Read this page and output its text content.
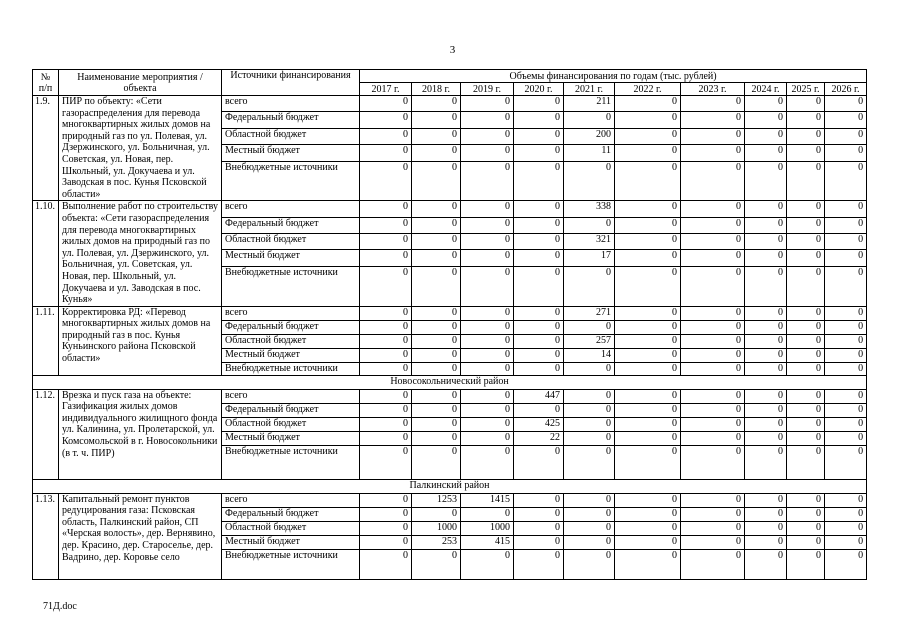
3
№ п/п	Наименование мероприятия /объекта	Источники финансирования	Объемы финансирования по годам (тыс. рублей)									
			2017 г.	2018 г.	2019 г.	2020 г.	2021 г.	2022 г.	2023 г.	2024 г.	2025 г.	2026 г.
1.9.	ПИР по объекту: «Сети газораспределения для перевода многоквартирных жилых домов на природный газ по ул. Полевая, ул. Дзержинского, ул. Больничная, ул. Советская, ул. Новая, пер. Школьный, ул. Докучаева и ул. Заводская в пос. Кунья Псковской области»	всего	0	0	0	0	211	0	0	0	0	0
		Федеральный бюджет	0	0	0	0	0	0	0	0	0	0
		Областной бюджет	0	0	0	0	200	0	0	0	0	0
		Местный бюджет	0	0	0	0	11	0	0	0	0	0
		Внебюджетные источники	0	0	0	0	0	0	0	0	0	0
1.10.	Выполнение работ по строительству объекта: «Сети газораспределения для перевода многоквартирных жилых домов на природный газ по ул. Полевая, ул. Дзержинского, ул. Больничная, ул. Советская, ул. Новая, пер. Школьный, ул. Докучаева и ул. Заводская в пос. Кунья»	всего	0	0	0	0	338	0	0	0	0	0
		Федеральный бюджет	0	0	0	0	0	0	0	0	0	0
		Областной бюджет	0	0	0	0	321	0	0	0	0	0
		Местный бюджет	0	0	0	0	17	0	0	0	0	0
		Внебюджетные источники	0	0	0	0	0	0	0	0	0	0
1.11.	Корректировка РД: «Перевод многоквартирных жилых домов на природный газ в пос. Кунья Куньинского района Псковской области»	всего	0	0	0	0	271	0	0	0	0	0
		Федеральный бюджет	0	0	0	0	0	0	0	0	0	0
		Областной бюджет	0	0	0	0	257	0	0	0	0	0
		Местный бюджет	0	0	0	0	14	0	0	0	0	0
		Внебюджетные источники	0	0	0	0	0	0	0	0	0	0
Новосокольнический район												
1.12.	Врезка и пуск газа на объекте: Газификация жилых домов индивидуального жилищного фонда ул. Калинина, ул. Пролетарской, ул. Комсомольской в г. Новосокольники (в т. ч. ПИР)	всего	0	0	0	447	0	0	0	0	0	0
		Федеральный бюджет	0	0	0	0	0	0	0	0	0	0
		Областной бюджет	0	0	0	425	0	0	0	0	0	0
		Местный бюджет	0	0	0	22	0	0	0	0	0	0
		Внебюджетные источники	0	0	0	0	0	0	0	0	0	0
Палкинский район												
1.13.	Капитальный ремонт пунктов редуцирования газа: Псковская область, Палкинский район, СП «Черская волость», дер. Вернявино, дер. Красино, дер. Староселье, дер. Вадрино, дер. Коровье село	всего	0	1253	1415	0	0	0	0	0	0	0
		Федеральный бюджет	0	0	0	0	0	0	0	0	0	0
		Областной бюджет	0	1000	1000	0	0	0	0	0	0	0
		Местный бюджет	0	253	415	0	0	0	0	0	0	0
		Внебюджетные источники	0	0	0	0	0	0	0	0	0	0
71Д.doc
